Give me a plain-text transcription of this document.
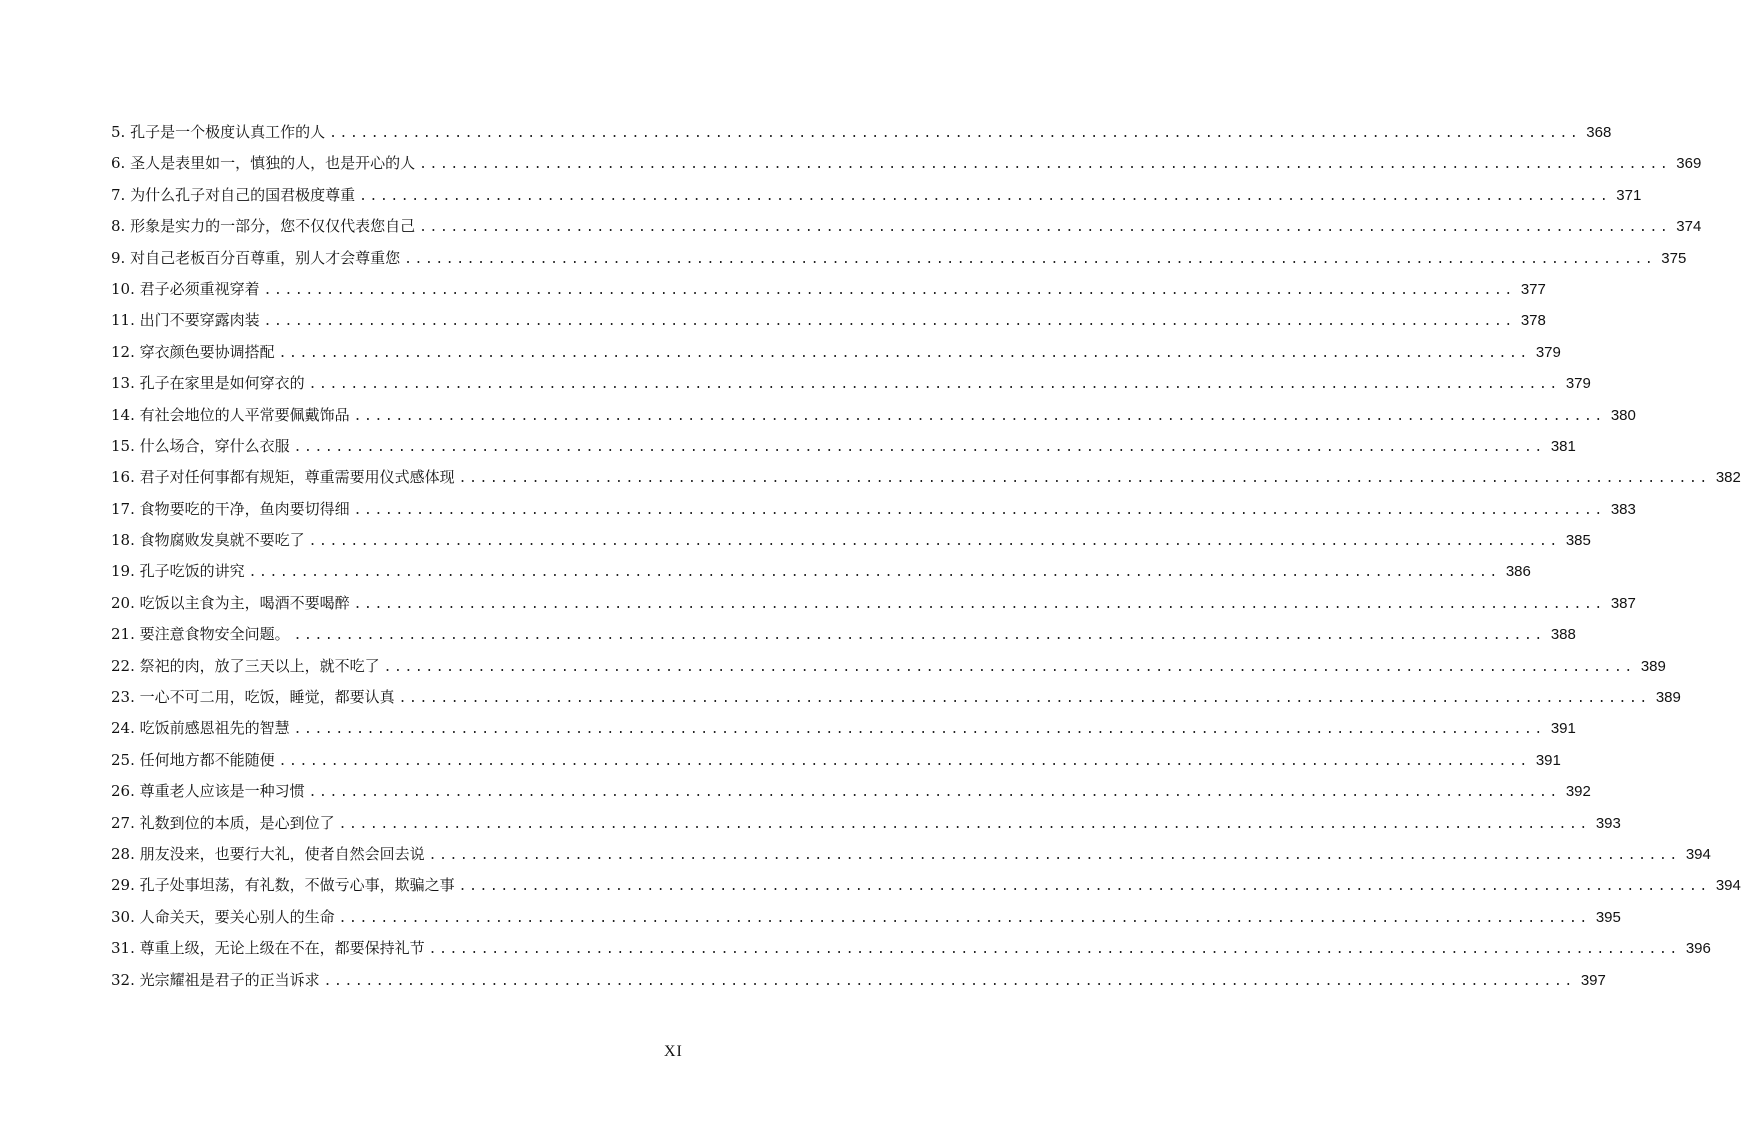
5. 孔子是一个极度认真工作的人 ........................................................................................................................ 368
6. 圣人是表里如一，慎独的人，也是开心的人 ........................................................................................................................ 369
7. 为什么孔子对自己的国君极度尊重 ........................................................................................................................ 371
8. 形象是实力的一部分，您不仅仅代表您自己 ........................................................................................................................ 374
9. 对自己老板百分百尊重，别人才会尊重您 ........................................................................................................................ 375
10. 君子必须重视穿着 ........................................................................................................................ 377
11. 出门不要穿露肉装 ........................................................................................................................ 378
12. 穿衣颜色要协调搭配 ........................................................................................................................ 379
13. 孔子在家里是如何穿衣的 ........................................................................................................................ 379
14. 有社会地位的人平常要佩戴饰品 ........................................................................................................................ 380
15. 什么场合，穿什么衣服 ........................................................................................................................ 381
16. 君子对任何事都有规矩，尊重需要用仪式感体现 ........................................................................................................................ 382
17. 食物要吃的干净，鱼肉要切得细 ........................................................................................................................ 383
18. 食物腐败发臭就不要吃了 ........................................................................................................................ 385
19. 孔子吃饭的讲究 ........................................................................................................................ 386
20. 吃饭以主食为主，喝酒不要喝醉 ........................................................................................................................ 387
21. 要注意食物安全问题。 ........................................................................................................................ 388
22. 祭祀的肉，放了三天以上，就不吃了 ........................................................................................................................ 389
23. 一心不可二用，吃饭，睡觉，都要认真 ........................................................................................................................ 389
24. 吃饭前感恩祖先的智慧 ........................................................................................................................ 391
25. 任何地方都不能随便 ........................................................................................................................ 391
26. 尊重老人应该是一种习惯 ........................................................................................................................ 392
27. 礼数到位的本质，是心到位了 ........................................................................................................................ 393
28. 朋友没来，也要行大礼，使者自然会回去说 ........................................................................................................................ 394
29. 孔子处事坦荡，有礼数，不做亏心事，欺骗之事 ........................................................................................................................ 394
30. 人命关天，要关心别人的生命 ........................................................................................................................ 395
31. 尊重上级，无论上级在不在，都要保持礼节 ........................................................................................................................ 396
32. 光宗耀祖是君子的正当诉求 ........................................................................................................................ 397
XI
